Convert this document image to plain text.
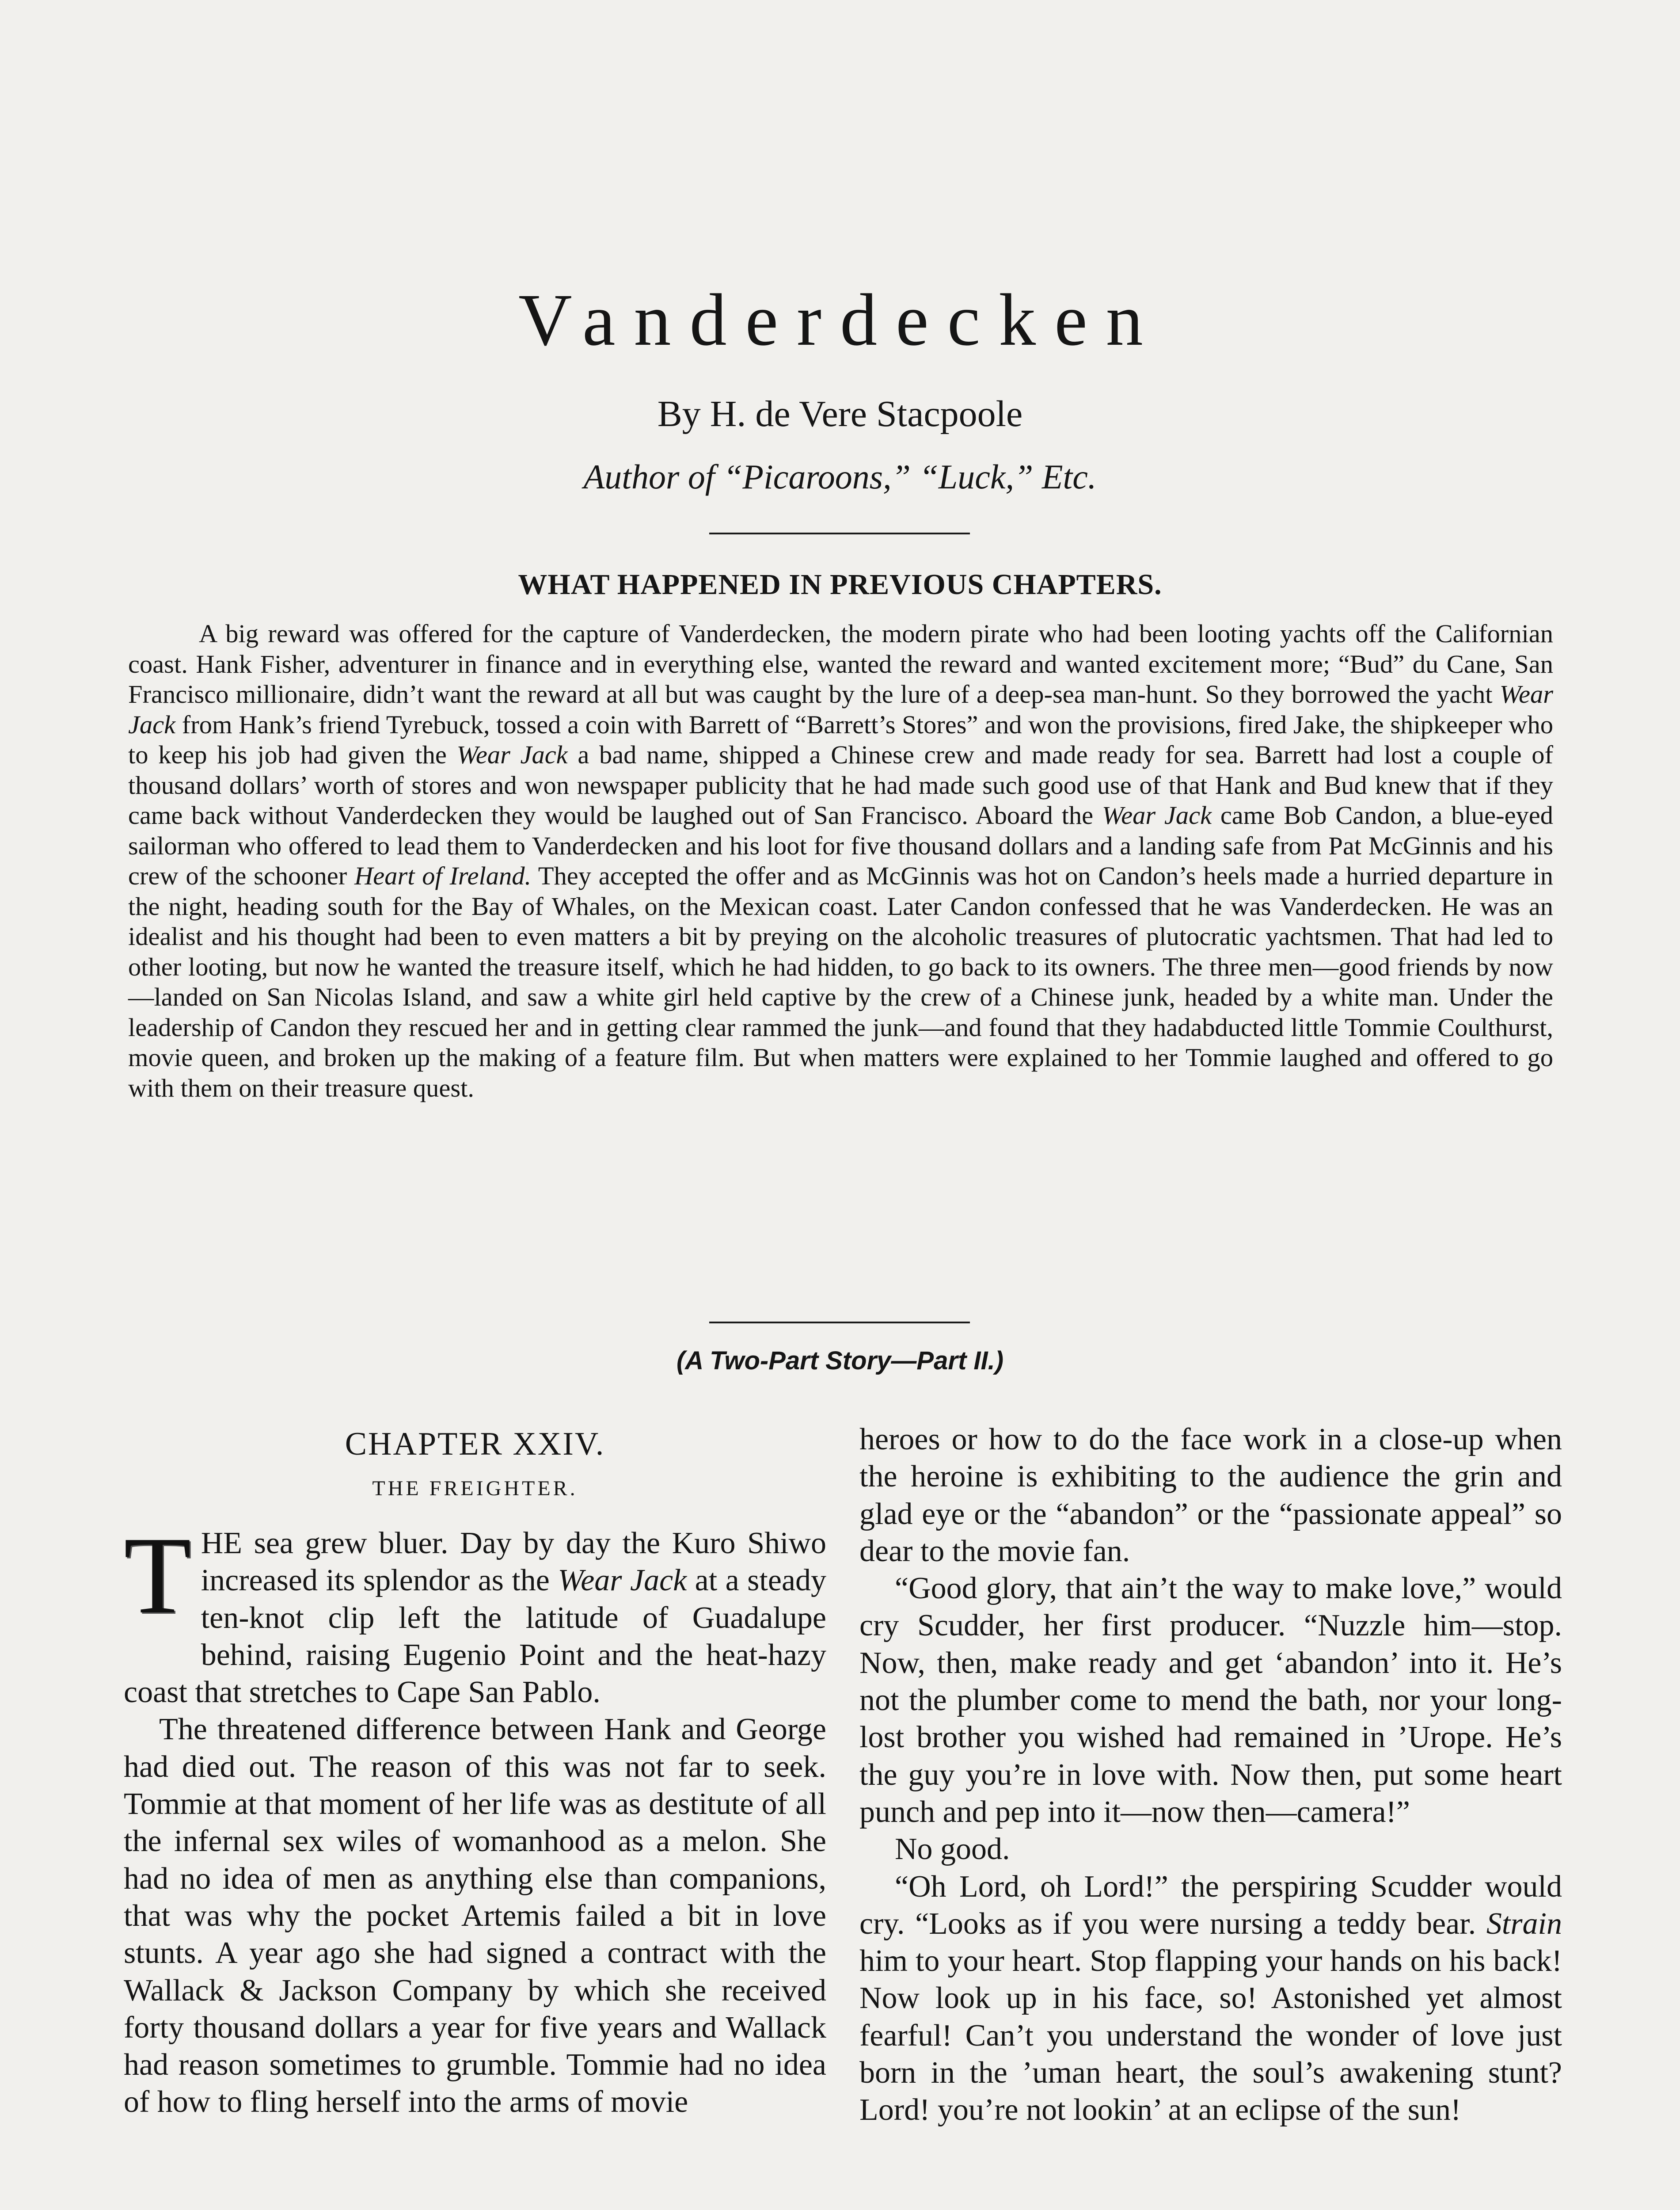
Vanderdecken
By H. de Vere Stacpoole
Author of “Picaroons,” “Luck,” Etc.
WHAT HAPPENED IN PREVIOUS CHAPTERS.

A big reward was offered for the capture of Vanderdecken, the modern pirate who had been looting yachts off the Californian coast. Hank Fisher, adventurer in finance and in everything else, wanted the reward and wanted excitement more; “Bud” du Cane, San Francisco millionaire, didn’t want the reward at all but was caught by the lure of a deep-sea man-hunt. So they borrowed the yacht Wear Jack from Hank’s friend Tyrebuck, tossed a coin with Barrett of “Barrett’s Stores” and won the provisions, fired Jake, the shipkeeper who to keep his job had given the Wear Jack a bad name, shipped a Chinese crew and made ready for sea. Barrett had lost a couple of thousand dollars’ worth of stores and won newspaper publicity that he had made such good use of that Hank and Bud knew that if they came back without Vanderdecken they would be laughed out of San Francisco. Aboard the Wear Jack came Bob Candon, a blue-eyed sailorman who offered to lead them to Vanderdecken and his loot for five thousand dollars and a landing safe from Pat McGinnis and his crew of the schooner Heart of Ireland. They accepted the offer and as McGinnis was hot on Candon’s heels made a hurried departure in the night, heading south for the Bay of Whales, on the Mexican coast. Later Candon confessed that he was Vanderdecken. He was an idealist and his thought had been to even matters a bit by preying on the alcoholic treasures of plutocratic yachtsmen. That had led to other looting, but now he wanted the treasure itself, which he had hidden, to go back to its owners. The three men—good friends by now—landed on San Nicolas Island, and saw a white girl held captive by the crew of a Chinese junk, headed by a white man. Under the leadership of Candon they rescued her and in getting clear rammed the junk—and found that they hadabducted little Tommie Coulthurst, movie queen, and broken up the making of a feature film. But when matters were explained to her Tommie laughed and offered to go with them on their treasure quest.

(A Two-Part Story—Part II.)
CHAPTER XXIV.
THE FREIGHTER.

THE sea grew bluer. Day by day the Kuro Shiwo increased its splendor as the Wear Jack at a steady ten-knot clip left the latitude of Guadalupe behind, raising Eugenio Point and the heat-hazy coast that stretches to Cape San Pablo.

The threatened difference between Hank and George had died out. The reason of this was not far to seek. Tommie at that moment of her life was as destitute of all the infernal sex wiles of womanhood as a melon. She had no idea of men as anything else than companions, that was why the pocket Artemis failed a bit in love stunts. A year ago she had signed a contract with the Wallack & Jackson Company by which she received forty thousand dollars a year for five years and Wallack had reason sometimes to grumble. Tommie had no idea of how to fling herself into the arms of movie

heroes or how to do the face work in a close-up when the heroine is exhibiting to the audience the grin and glad eye or the “abandon” or the “passionate appeal” so dear to the movie fan.

“Good glory, that ain’t the way to make love,” would cry Scudder, her first producer. “Nuzzle him—stop. Now, then, make ready and get ‘abandon’ into it. He’s not the plumber come to mend the bath, nor your long-lost brother you wished had remained in ’Urope. He’s the guy you’re in love with. Now then, put some heart punch and pep into it—now then—camera!”

No good.

“Oh Lord, oh Lord!” the perspiring Scudder would cry. “Looks as if you were nursing a teddy bear. Strain him to your heart. Stop flapping your hands on his back! Now look up in his face, so! Astonished yet almost fearful! Can’t you understand the wonder of love just born in the ’uman heart, the soul’s awakening stunt? Lord! you’re not lookin’ at an eclipse of the sun!
